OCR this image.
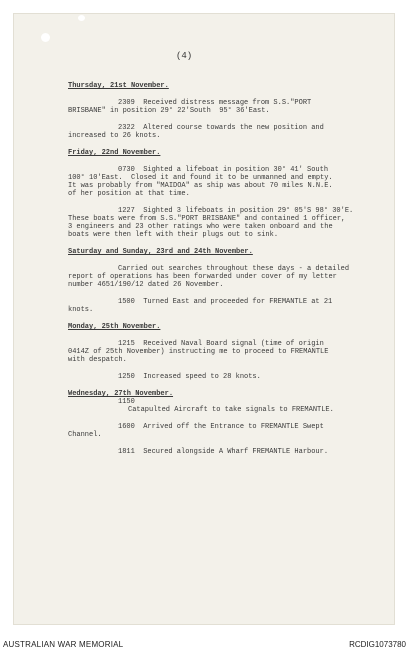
(4)

Thursday, 21st November.

2309  Received distress message from S.S."PORT

BRISBANE" in position 29° 22'South  95° 36'East.

2322  Altered course towards the new position and

increased to 26 knots.

Friday, 22nd November.

0730  Sighted a lifeboat in position 30° 41' South

100° 10'East.  Closed it and found it to be unmanned and empty.

It was probably from "MAIDOA" as ship was about 70 miles N.N.E.

of her position at that time.

1227  Sighted 3 lifeboats in position 29° 05'S 98° 30'E.

These boats were from S.S."PORT BRISBANE" and contained 1 officer,

3 engineers and 23 other ratings who were taken onboard and the

boats were then left with their plugs out to sink.

Saturday and Sunday, 23rd and 24th November.

Carried out searches throughout these days - a detailed

report of operations has been forwarded under cover of my letter

number 4651/190/12 dated 26 November.

1500  Turned East and proceeded for FREMANTLE at 21

knots.

Monday, 25th November.

1215  Received Naval Board signal (time of origin

0414Z of 25th November) instructing me to proceed to FREMANTLE

with despatch.

1250  Increased speed to 28 knots.

Wednesday, 27th November.

1150

Catapulted Aircraft to take signals to FREMANTLE.

1600  Arrived off the Entrance to FREMANTLE Swept

Channel.

1811  Secured alongside A Wharf FREMANTLE Harbour.

AUSTRALIAN WAR MEMORIAL	RCDIG1073780
